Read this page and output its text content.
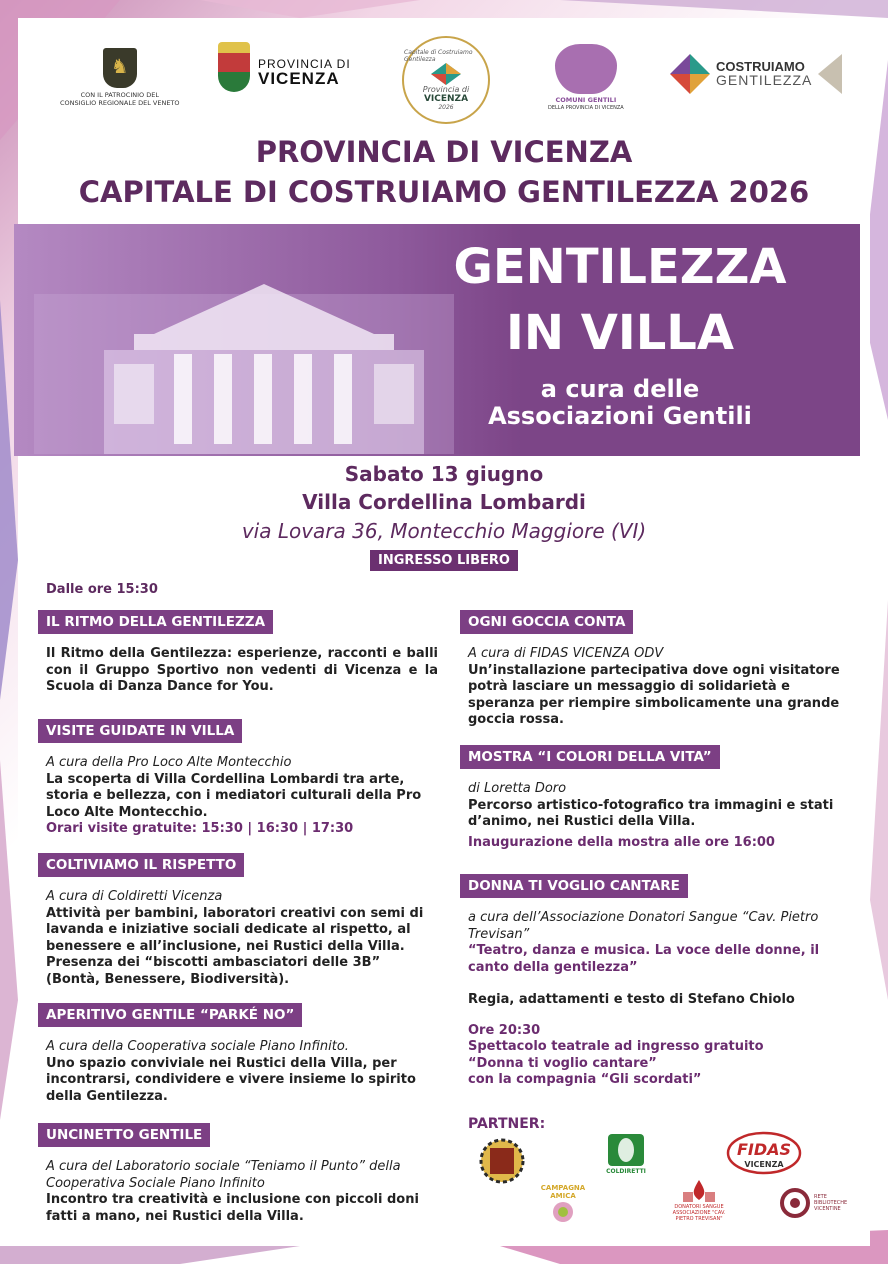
♞
CON IL PATROCINIO DEL
CONSIGLIO REGIONALE DEL VENETO
PROVINCIA DI
VICENZA
Capitale di Costruiamo Gentilezza
Provincia di
VICENZA
2026
COMUNI GENTILI
DELLA PROVINCIA DI VICENZA
COSTRUIAMO
GENTILEZZA
PROVINCIA DI VICENZA
CAPITALE DI COSTRUIAMO GENTILEZZA 2026
GENTILEZZA
IN VILLA
a cura delle
Associazioni Gentili
Sabato 13 giugno
Villa Cordellina Lombardi
via Lovara 36, Montecchio Maggiore (VI)
INGRESSO LIBERO
Dalle ore 15:30
IL RITMO DELLA GENTILEZZA
Il Ritmo della Gentilezza: esperienze, racconti e balli con il Gruppo Sportivo non vedenti di Vicenza e la Scuola di Danza Dance for You.
VISITE GUIDATE IN VILLA
A cura della Pro Loco Alte Montecchio
La scoperta di Villa Cordellina Lombardi tra arte, storia e bellezza, con i mediatori culturali della Pro Loco Alte Montecchio.
Orari visite gratuite: 15:30 | 16:30 | 17:30
COLTIVIAMO IL RISPETTO
A cura di Coldiretti Vicenza
Attività per bambini, laboratori creativi con semi di lavanda e iniziative sociali dedicate al rispetto, al benessere e all’inclusione, nei Rustici della Villa. Presenza dei “biscotti ambasciatori delle 3B” (Bontà, Benessere, Biodiversità).
APERITIVO GENTILE “PARKÉ NO”
A cura della Cooperativa sociale Piano Infinito.
Uno spazio conviviale nei Rustici della Villa, per incontrarsi, condividere e vivere insieme lo spirito della Gentilezza.
UNCINETTO GENTILE
A cura del Laboratorio sociale “Teniamo il Punto” della Cooperativa Sociale Piano Infinito
Incontro tra creatività e inclusione con piccoli doni fatti a mano, nei Rustici della Villa.
OGNI GOCCIA CONTA
A cura di FIDAS VICENZA ODV
Un’installazione partecipativa dove ogni visitatore potrà lasciare un messaggio di solidarietà e speranza per riempire simbolicamente una grande goccia rossa.
MOSTRA “I COLORI DELLA VITA”
di Loretta Doro
Percorso artistico-fotografico tra immagini e stati d’animo, nei Rustici della Villa.
Inaugurazione della mostra alle ore 16:00
DONNA TI VOGLIO CANTARE
a cura dell’Associazione Donatori Sangue “Cav. Pietro Trevisan”
“Teatro, danza e musica. La voce delle donne, il canto della gentilezza”
Regia, adattamenti e testo di Stefano Chiolo
Ore 20:30
Spettacolo teatrale ad ingresso gratuito
“Donna ti voglio cantare”
con la compagnia “Gli scordati”
PARTNER:
COLDIRETTI
CAMPAGNA AMICA
FIDAS
VICENZA
DONATORI SANGUE ASSOCIAZIONE "CAV. PIETRO TREVISAN"
RETE BIBLIOTECHE VICENTINE
